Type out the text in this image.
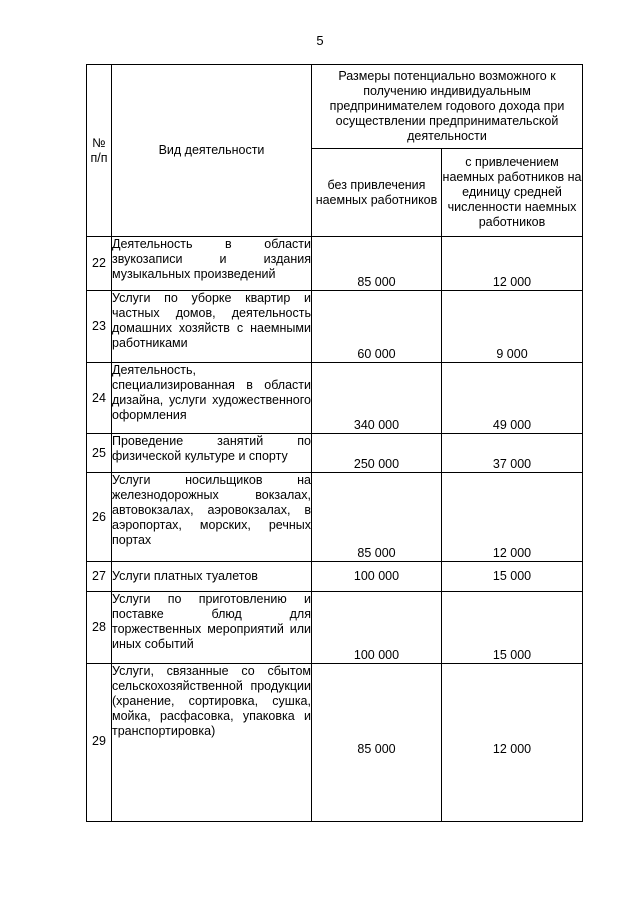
5
№ п/п	Вид деятельности	Размеры потенциально возможного к получению индивидуальным предпринимателем годового дохода при осуществлении предпринимательской деятельности	
		без привлечения наемных работников	с привлечением наемных работников на единицу средней численности наемных работников
22	Деятельность в области звукозаписи и издания музыкальных произведений	85 000	12 000
23	Услуги по уборке квартир и частных домов, деятельность домашних хозяйств с наемными работниками	60 000	9 000
24	Деятельность, специализированная в области дизайна, услуги художественного оформления	340 000	49 000
25	Проведение занятий по физической культуре и спорту	250 000	37 000
26	Услуги носильщиков на железнодорожных вокзалах, автовокзалах, аэровокзалах, в аэропортах, морских, речных портах	85 000	12 000
27	Услуги платных туалетов	100 000	15 000
28	Услуги по приготовлению и поставке блюд для торжественных мероприятий или иных событий	100 000	15 000
29	Услуги, связанные со сбытом сельскохозяйственной продукции (хранение, сортировка, сушка, мойка, расфасовка, упаковка и транспортировка)	85 000	12 000
